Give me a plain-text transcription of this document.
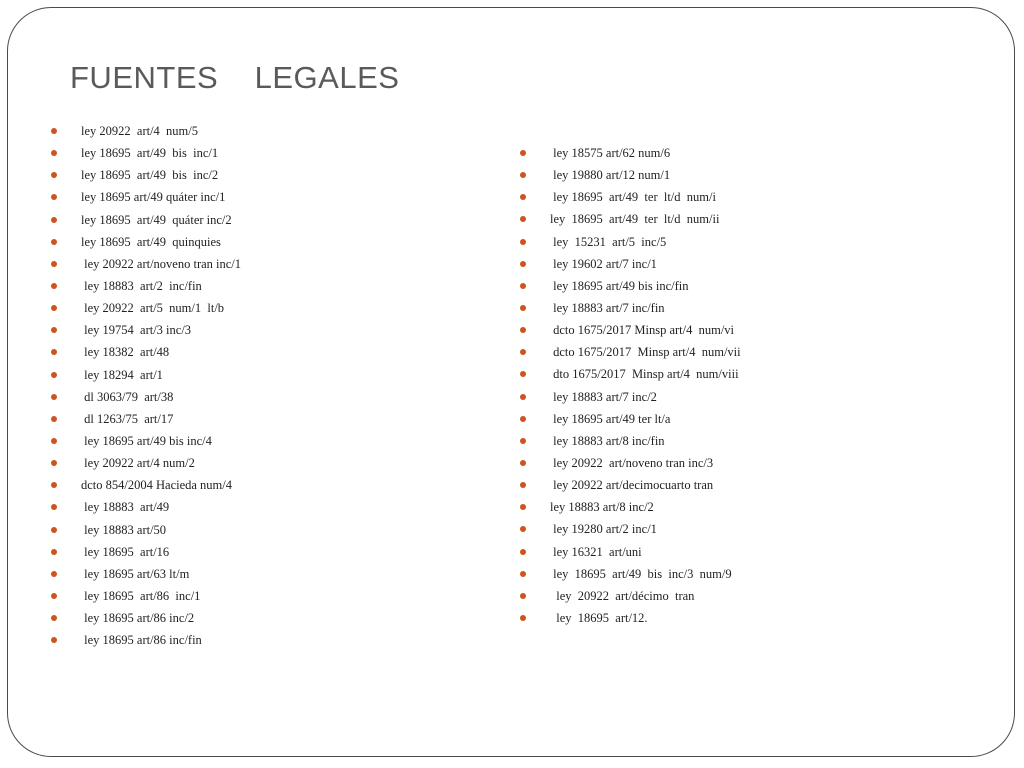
FUENTES    LEGALES
ley 20922  art/4  num/5
ley 18695  art/49  bis  inc/1
ley 18695  art/49  bis  inc/2
ley 18695 art/49 quáter inc/1
ley 18695  art/49  quáter inc/2
ley 18695  art/49  quinquies
ley 20922 art/noveno tran inc/1
ley 18883  art/2  inc/fin
ley 20922  art/5  num/1  lt/b
ley 19754  art/3 inc/3
ley 18382  art/48
ley 18294  art/1
dl 3063/79  art/38
dl 1263/75  art/17
ley 18695 art/49 bis inc/4
ley 20922 art/4 num/2
dcto 854/2004 Hacieda num/4
ley 18883  art/49
ley 18883 art/50
ley 18695  art/16
ley 18695 art/63 lt/m
ley 18695  art/86  inc/1
ley 18695 art/86 inc/2
ley 18695 art/86 inc/fin
ley 18575 art/62 num/6
ley 19880 art/12 num/1
ley 18695  art/49  ter  lt/d  num/i
ley  18695  art/49  ter  lt/d  num/ii
ley  15231  art/5  inc/5
ley 19602 art/7 inc/1
ley 18695 art/49 bis inc/fin
ley 18883 art/7 inc/fin
dcto 1675/2017 Minsp art/4  num/vi
dcto 1675/2017  Minsp art/4  num/vii
dto 1675/2017  Minsp art/4  num/viii
ley 18883 art/7 inc/2
ley 18695 art/49 ter lt/a
ley 18883 art/8 inc/fin
ley 20922  art/noveno tran inc/3
ley 20922 art/decimocuarto tran
ley 18883 art/8 inc/2
ley 19280 art/2 inc/1
ley 16321  art/uni
ley  18695  art/49  bis  inc/3  num/9
ley  20922  art/décimo  tran
ley  18695  art/12.
